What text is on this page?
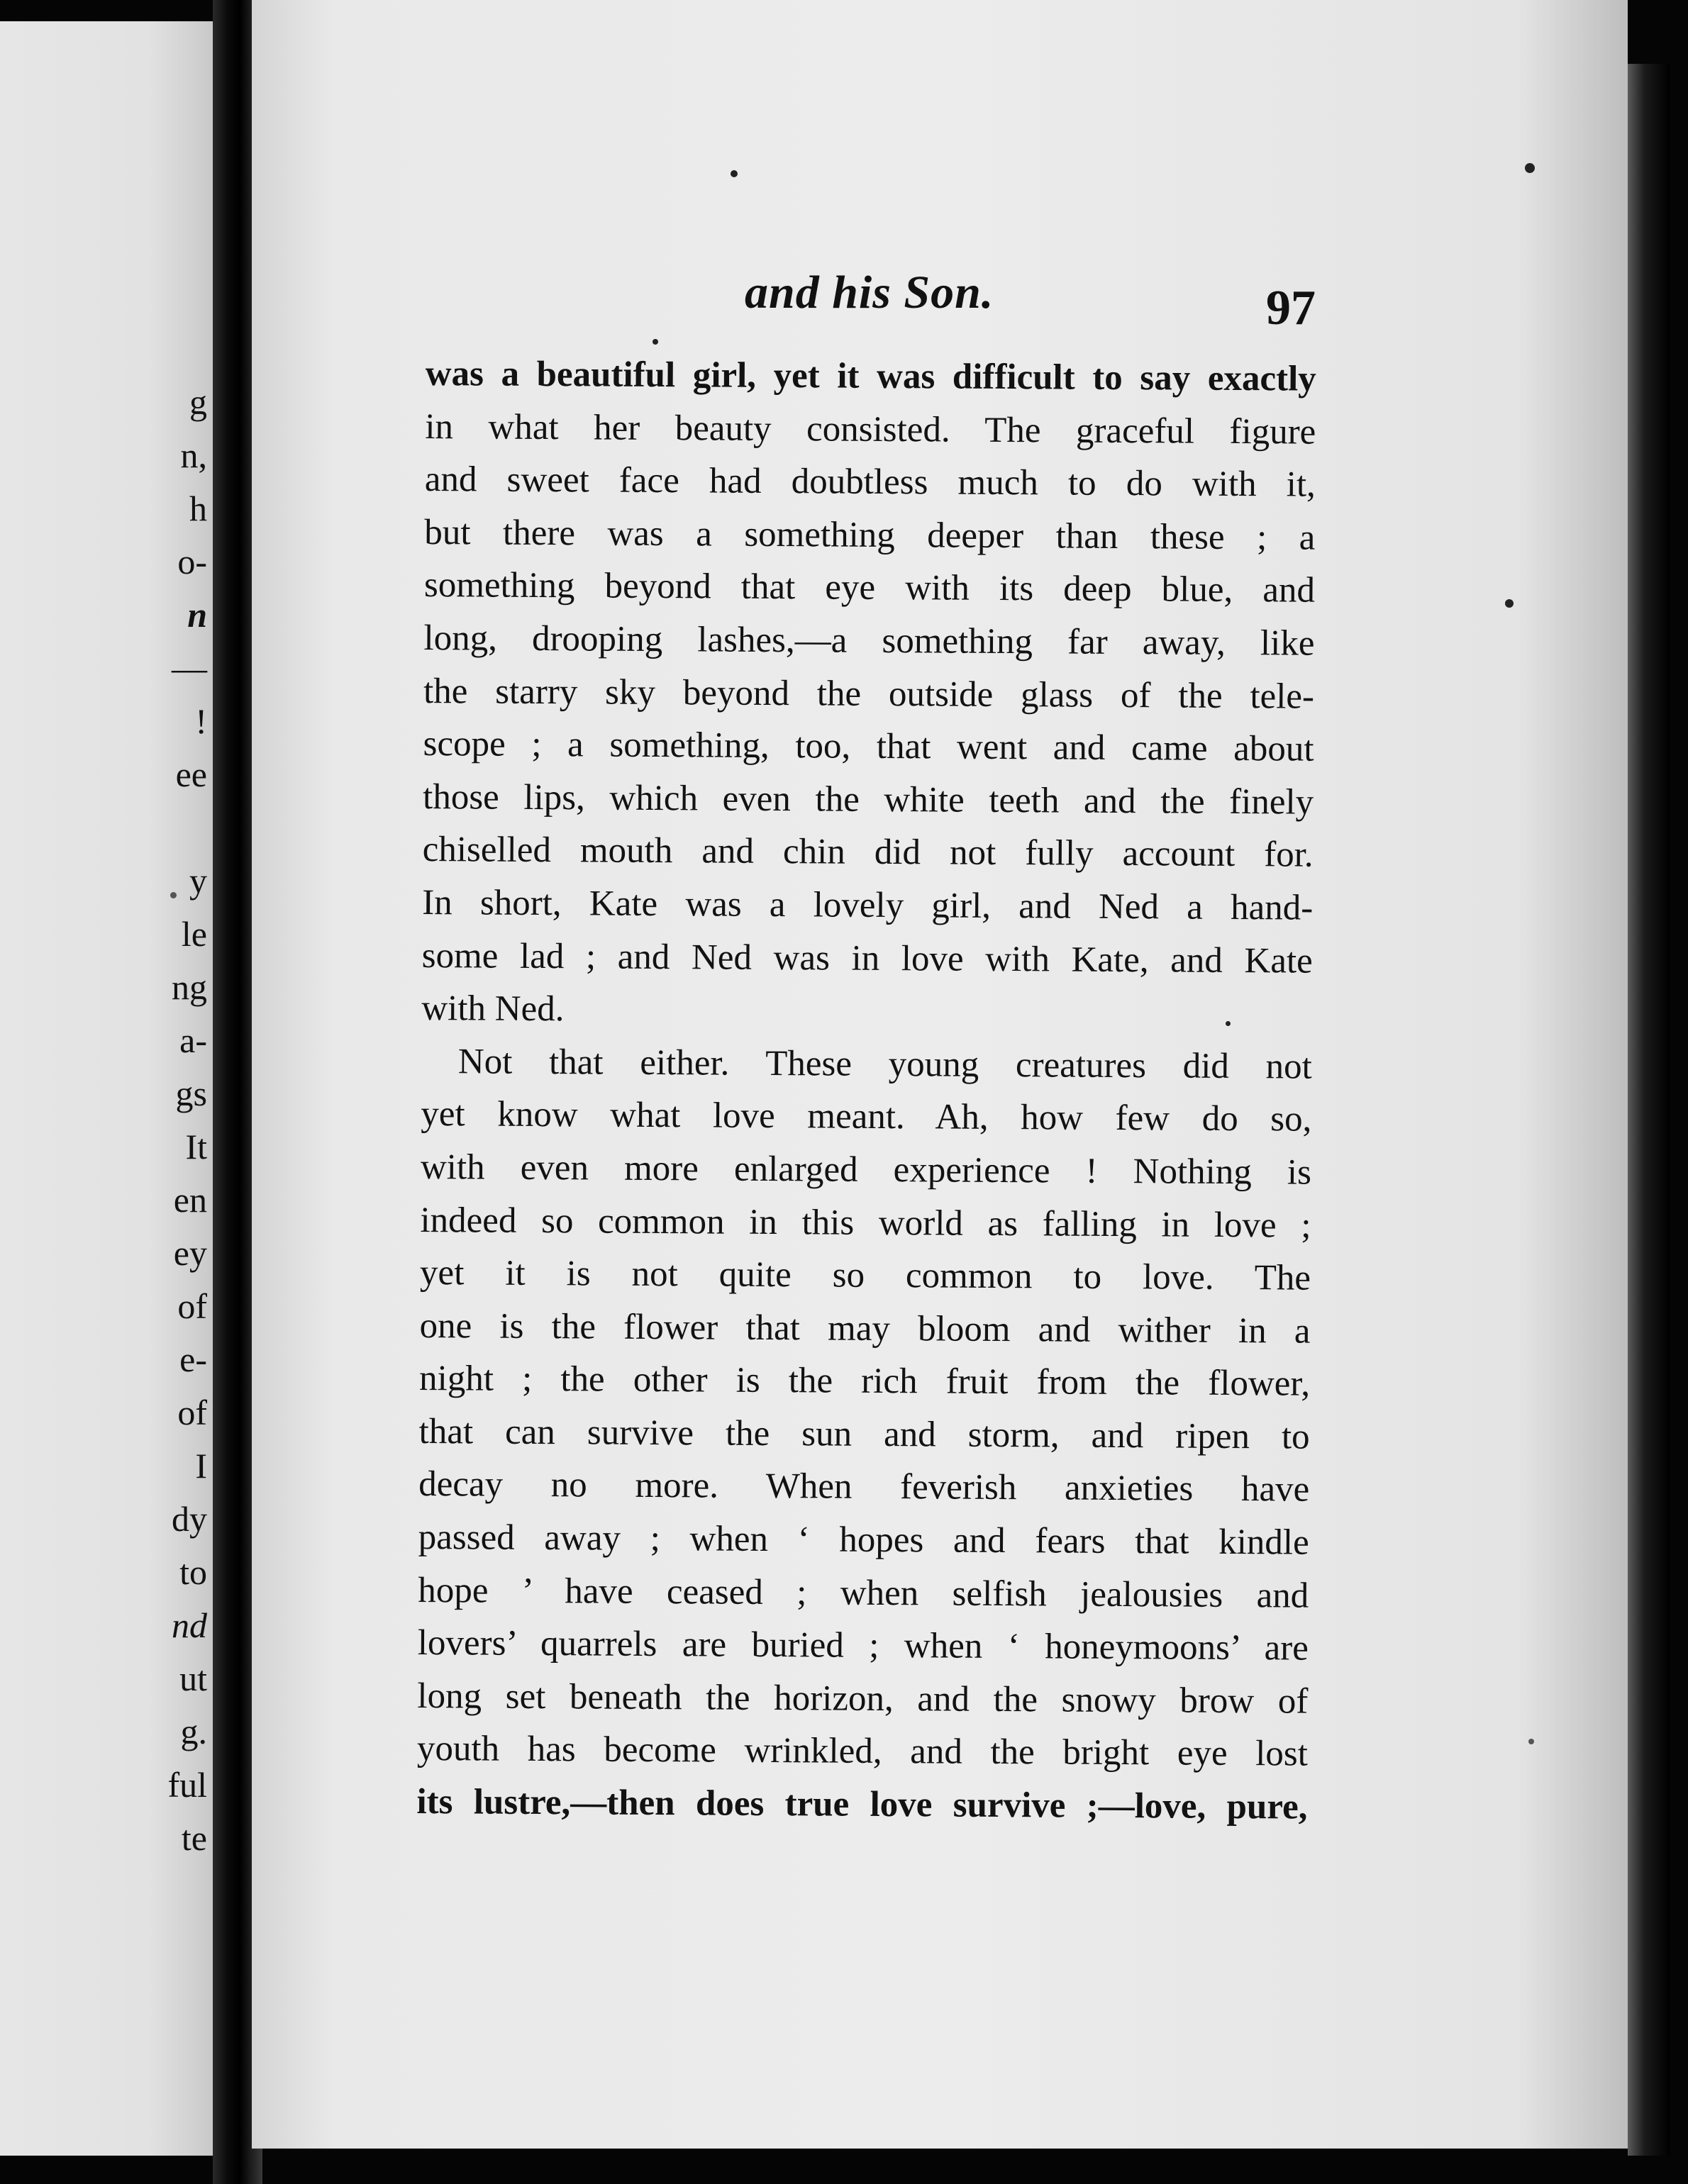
g
n,
h
o-
n
—
!
ee
y
le
ng
a-
gs
It
en
ey
of
e-
of
I
dy
to
nd
ut
g.
ful
te
and his Son.	97
was a beautiful girl, yet it was difficult to say exactly
in what her beauty consisted. The graceful figure
and sweet face had doubtless much to do with it,
but there was a something deeper than these ; a
something beyond that eye with its deep blue, and
long, drooping lashes,—a something far away, like
the starry sky beyond the outside glass of the tele-
scope ; a something, too, that went and came about
those lips, which even the white teeth and the finely
chiselled mouth and chin did not fully account for.
In short, Kate was a lovely girl, and Ned a hand-
some lad ; and Ned was in love with Kate, and Kate
with Ned.
Not that either. These young creatures did not
yet know what love meant. Ah, how few do so,
with even more enlarged experience ! Nothing is
indeed so common in this world as falling in love ;
yet it is not quite so common to love. The
one is the flower that may bloom and wither in a
night ; the other is the rich fruit from the flower,
that can survive the sun and storm, and ripen to
decay no more. When feverish anxieties have
passed away ; when ‘ hopes and fears that kindle
hope ’ have ceased ; when selfish jealousies and
lovers’ quarrels are buried ; when ‘ honeymoons’ are
long set beneath the horizon, and the snowy brow of
youth has become wrinkled, and the bright eye lost
its lustre,—then does true love survive ;—love, pure,
